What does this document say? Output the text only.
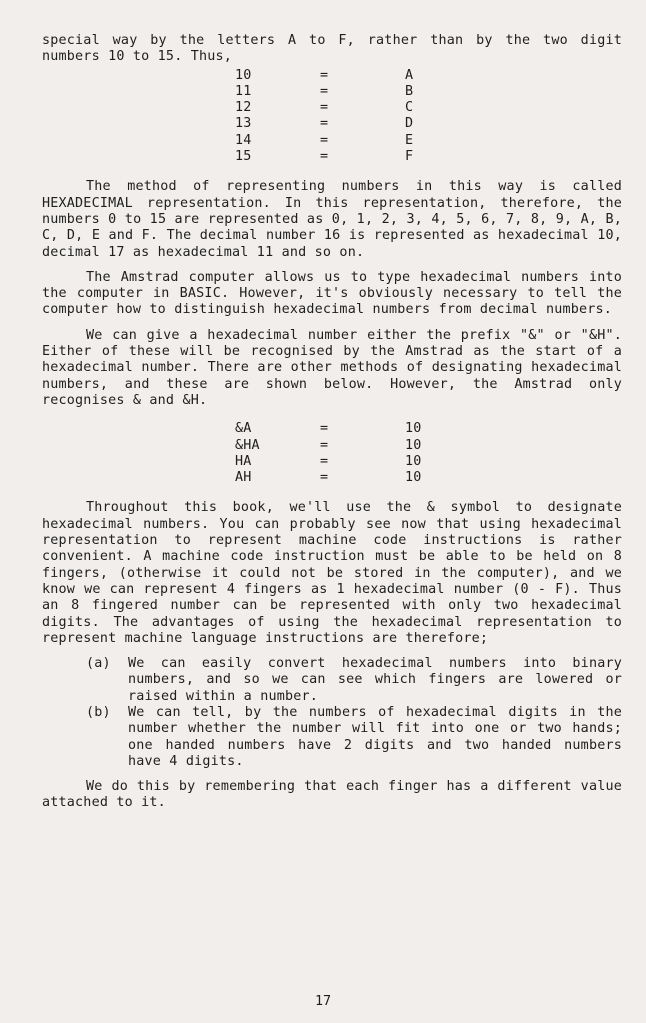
special way by the letters A to F, rather than by the two digit numbers 10 to 15. Thus,

10	=	A
11	=	B
12	=	C
13	=	D
14	=	E
15	=	F

The method of representing numbers in this way is called HEXADECIMAL representation. In this representation, therefore, the numbers 0 to 15 are represented as 0, 1, 2, 3, 4, 5, 6, 7, 8, 9, A, B, C, D, E and F. The decimal number 16 is represented as hexadecimal 10, decimal 17 as hexadecimal 11 and so on.

The Amstrad computer allows us to type hexadecimal numbers into the computer in BASIC. However, it's obviously necessary to tell the computer how to distinguish hexadecimal numbers from decimal numbers.

We can give a hexadecimal number either the prefix "&" or "&H". Either of these will be recognised by the Amstrad as the start of a hexadecimal number. There are other methods of designating hexadecimal numbers, and these are shown below. However, the Amstrad only recognises & and &H.

&A	=	10
&HA	=	10
HA	=	10
AH	=	10

Throughout this book, we'll use the & symbol to designate hexadecimal numbers. You can probably see now that using hexadecimal representation to represent machine code instructions is rather convenient. A machine code instruction must be able to be held on 8 fingers, (otherwise it could not be stored in the computer), and we know we can represent 4 fingers as 1 hexadecimal number (0 - F). Thus an 8 fingered number can be represented with only two hexadecimal digits. The advantages of using the hexadecimal representation to represent machine language instructions are therefore;

(a)	We can easily convert hexadecimal numbers into binary numbers, and so we can see which fingers are lowered or raised within a number.
(b)	We can tell, by the numbers of hexadecimal digits in the number whether the number will fit into one or two hands; one handed numbers have 2 digits and two handed numbers have 4 digits.

We do this by remembering that each finger has a different value attached to it.

17
